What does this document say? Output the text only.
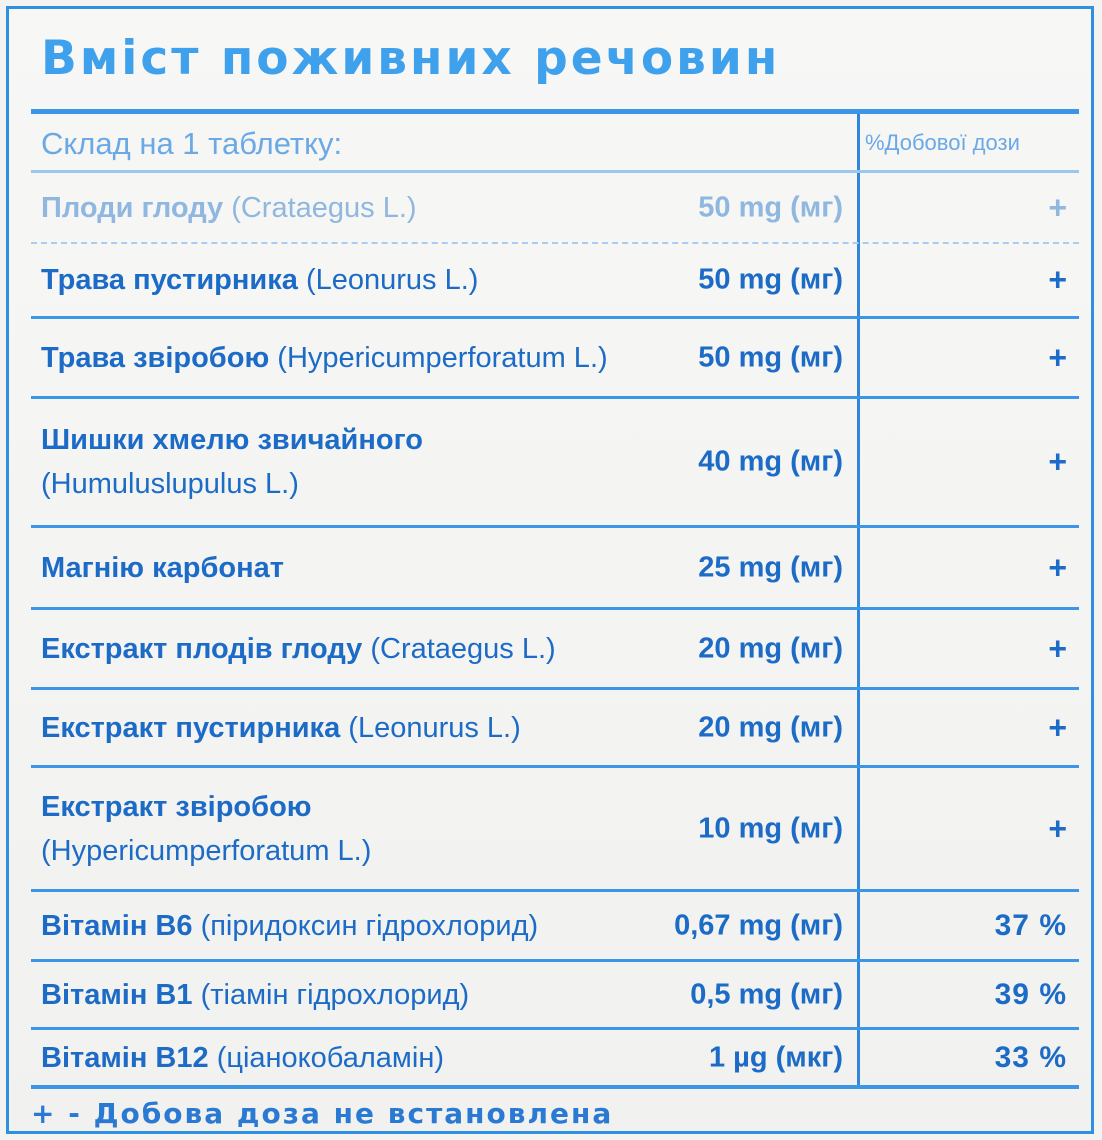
Вміст поживних речовин
Склад на 1 таблетку:	%Добової дози
Плоди глоду (Crataegus L.)	50 mg (мг)	+
Трава пустирника (Leonurus L.)	50 mg (мг)	+
Трава звіробою (Hypericumperforatum L.)	50 mg (мг)	+
Шишки хмелю звичайного
(Humuluslupulus L.)
40 mg (мг)	+
Магнію карбонат	25 mg (мг)	+
Екстракт плодів глоду (Crataegus L.)	20 mg (мг)	+
Екстракт пустирника (Leonurus L.)	20 mg (мг)	+
Екстракт звіробою
(Hypericumperforatum L.)
10 mg (мг)	+
Вітамін В6 (піридоксин гідрохлорид)	0,67 mg (мг)	37 %
Вітамін В1 (тіамін гідрохлорид)	0,5 mg (мг)	39 %
Вітамін В12 (ціанокобаламін)	1 µg (мкг)	33 %
+ - Добова доза не встановлена
